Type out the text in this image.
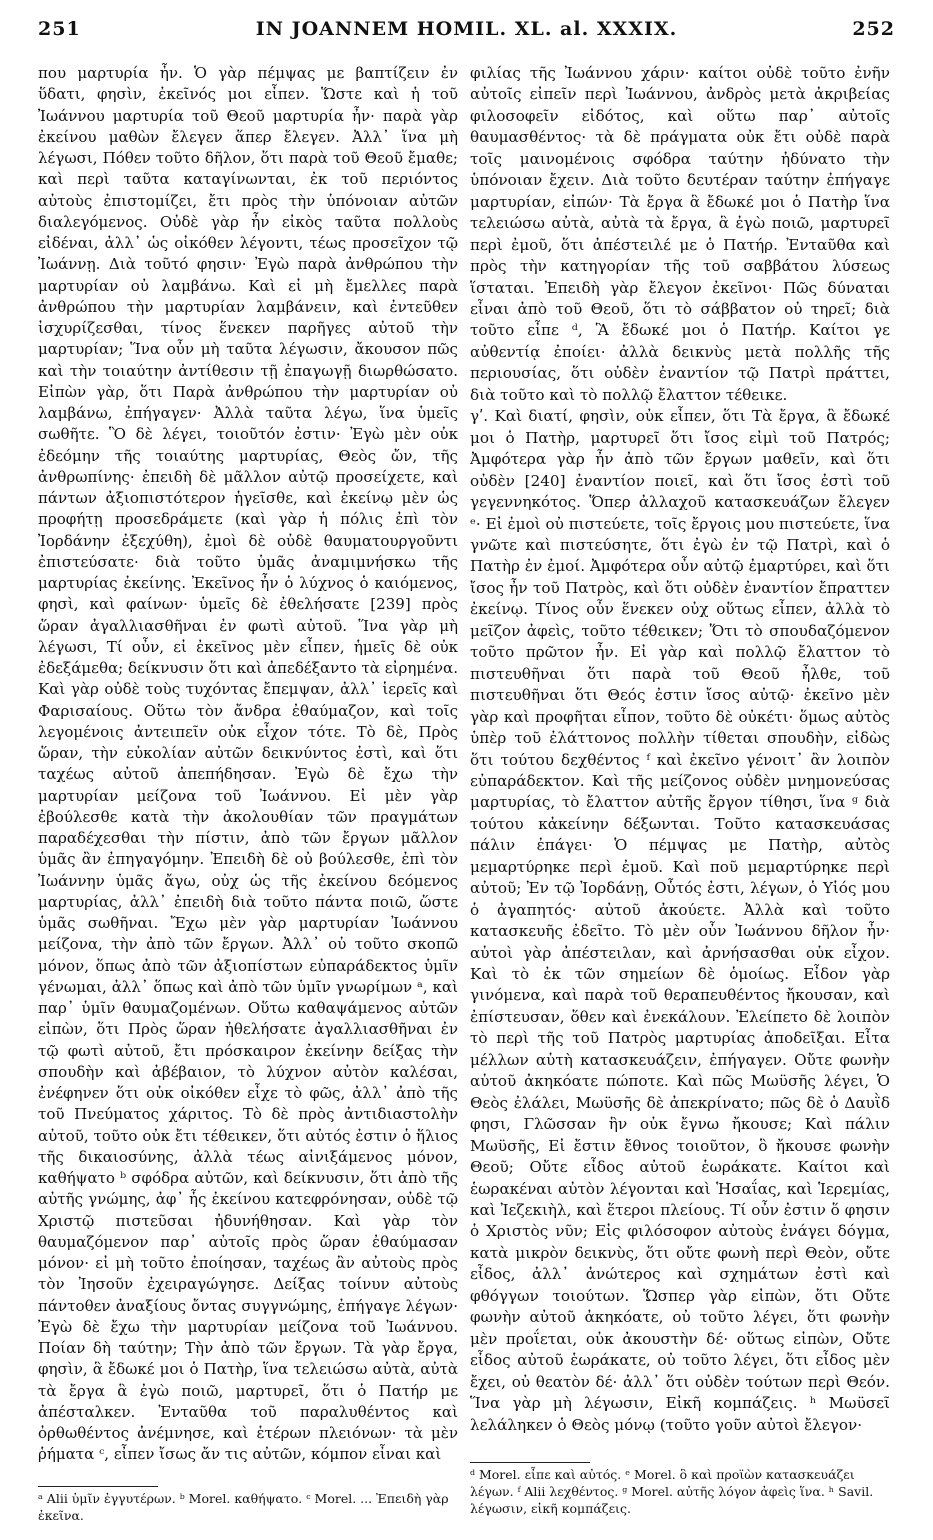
251	IN JOANNEM HOMIL. XL. al. XXXIX.	252

που μαρτυρία ἦν. Ὁ γὰρ πέμψας με βαπτίζειν ἐν ὕδατι, φησὶν, ἐκεῖνός μοι εἶπεν. Ὥστε καὶ ἡ τοῦ Ἰωάννου μαρτυρία τοῦ Θεοῦ μαρτυρία ἦν· παρὰ γὰρ ἐκείνου μαθὼν ἔλεγεν ἅπερ ἔλεγεν. Ἀλλ᾿ ἵνα μὴ λέγωσι, Πόθεν τοῦτο δῆλον, ὅτι παρὰ τοῦ Θεοῦ ἔμαθε; καὶ περὶ ταῦτα καταγίνωνται, ἐκ τοῦ περιόντος αὐτοὺς ἐπιστομίζει, ἔτι πρὸς τὴν ὑπόνοιαν αὐτῶν διαλεγόμενος. Οὐδὲ γὰρ ἦν εἰκὸς ταῦτα πολλοὺς εἰδέναι, ἀλλ᾿ ὡς οἰκόθεν λέγοντι, τέως προσεῖχον τῷ Ἰωάννῃ. Διὰ τοῦτό φησιν· Ἐγὼ παρὰ ἀνθρώπου τὴν μαρτυρίαν οὐ λαμβάνω. Καὶ εἰ μὴ ἔμελλες παρὰ ἀνθρώπου τὴν μαρτυρίαν λαμβάνειν, καὶ ἐντεῦθεν ἰσχυρίζεσθαι, τίνος ἕνεκεν παρῆγες αὐτοῦ τὴν μαρτυρίαν; Ἵνα οὖν μὴ ταῦτα λέγωσιν, ἄκουσον πῶς καὶ τὴν τοιαύτην ἀντίθεσιν τῇ ἐπαγωγῇ διωρθώσατο. Εἰπὼν γὰρ, ὅτι Παρὰ ἀνθρώπου τὴν μαρτυρίαν οὐ λαμβάνω, ἐπήγαγεν· Ἀλλὰ ταῦτα λέγω, ἵνα ὑμεῖς σωθῆτε. Ὃ δὲ λέγει, τοιοῦτόν ἐστιν· Ἐγὼ μὲν οὐκ ἐδεόμην τῆς τοιαύτης μαρτυρίας, Θεὸς ὤν, τῆς ἀνθρωπίνης· ἐπειδὴ δὲ μᾶλλον αὐτῷ προσείχετε, καὶ πάντων ἀξιοπιστότερον ἡγεῖσθε, καὶ ἐκείνῳ μὲν ὡς προφήτῃ προσεδράμετε (καὶ γὰρ ἡ πόλις ἐπὶ τὸν Ἰορδάνην ἐξεχύθη), ἐμοὶ δὲ οὐδὲ θαυματουργοῦντι ἐπιστεύσατε· διὰ τοῦτο ὑμᾶς ἀναμιμνήσκω τῆς μαρτυρίας ἐκείνης. Ἐκεῖνος ἦν ὁ λύχνος ὁ καιόμενος, φησὶ, καὶ φαίνων· ὑμεῖς δὲ ἐθελήσατε [239] πρὸς ὥραν ἀγαλλιασθῆναι ἐν φωτὶ αὐτοῦ. Ἵνα γὰρ μὴ λέγωσι, Τί οὖν, εἰ ἐκεῖνος μὲν εἶπεν, ἡμεῖς δὲ οὐκ ἐδεξάμεθα; δείκνυσιν ὅτι καὶ ἀπεδέξαντο τὰ εἰρημένα. Καὶ γὰρ οὐδὲ τοὺς τυχόντας ἔπεμψαν, ἀλλ᾿ ἱερεῖς καὶ Φαρισαίους. Οὕτω τὸν ἄνδρα ἐθαύμαζον, καὶ τοῖς λεγομένοις ἀντειπεῖν οὐκ εἶχον τότε. Τὸ δὲ, Πρὸς ὥραν, τὴν εὐκολίαν αὐτῶν δεικνύντος ἐστὶ, καὶ ὅτι ταχέως αὐτοῦ ἀπεπήδησαν. Ἐγὼ δὲ ἔχω τὴν μαρτυρίαν μείζονα τοῦ Ἰωάννου. Εἰ μὲν γὰρ ἐβούλεσθε κατὰ τὴν ἀκολουθίαν τῶν πραγμάτων παραδέχεσθαι τὴν πίστιν, ἀπὸ τῶν ἔργων μᾶλλον ὑμᾶς ἂν ἐπηγαγόμην. Ἐπειδὴ δὲ οὐ βούλεσθε, ἐπὶ τὸν Ἰωάννην ὑμᾶς ἄγω, οὐχ ὡς τῆς ἐκείνου δεόμενος μαρτυρίας, ἀλλ᾿ ἐπειδὴ διὰ τοῦτο πάντα ποιῶ, ὥστε ὑμᾶς σωθῆναι. Ἔχω μὲν γὰρ μαρτυρίαν Ἰωάννου μείζονα, τὴν ἀπὸ τῶν ἔργων. Ἀλλ᾿ οὐ τοῦτο σκοπῶ μόνον, ὅπως ἀπὸ τῶν ἀξιοπίστων εὐπαράδεκτος ὑμῖν γένωμαι, ἀλλ᾿ ὅπως καὶ ἀπὸ τῶν ὑμῖν γνωρίμων ᵃ, καὶ παρ᾿ ὑμῖν θαυμαζομένων. Οὕτω καθαψάμενος αὐτῶν εἰπὼν, ὅτι Πρὸς ὥραν ἠθελήσατε ἀγαλλιασθῆναι ἐν τῷ φωτὶ αὐτοῦ, ἔτι πρόσκαιρον ἐκείνην δείξας τὴν σπουδὴν καὶ ἀβέβαιον, τὸ λύχνον αὐτὸν καλέσαι, ἐνέφηνεν ὅτι οὐκ οἰκόθεν εἶχε τὸ φῶς, ἀλλ᾿ ἀπὸ τῆς τοῦ Πνεύματος χάριτος. Τὸ δὲ πρὸς ἀντιδιαστολὴν αὐτοῦ, τοῦτο οὐκ ἔτι τέθεικεν, ὅτι αὐτός ἐστιν ὁ ἥλιος τῆς δικαιοσύνης, ἀλλὰ τέως αἰνιξάμενος μόνον, καθήψατο ᵇ σφόδρα αὐτῶν, καὶ δείκνυσιν, ὅτι ἀπὸ τῆς αὐτῆς γνώμης, ἀφ᾿ ἧς ἐκείνου κατεφρόνησαν, οὐδὲ τῷ Χριστῷ πιστεῦσαι ἠδυνήθησαν. Καὶ γὰρ τὸν θαυμαζόμενον παρ᾿ αὐτοῖς πρὸς ὥραν ἐθαύμασαν μόνον· εἰ μὴ τοῦτο ἐποίησαν, ταχέως ἂν αὐτοὺς πρὸς τὸν Ἰησοῦν ἐχειραγώγησε. Δείξας τοίνυν αὐτοὺς πάντοθεν ἀναξίους ὄντας συγγνώμης, ἐπήγαγε λέγων· Ἐγὼ δὲ ἔχω τὴν μαρτυρίαν μείζονα τοῦ Ἰωάννου. Ποίαν δὴ ταύτην; Τὴν ἀπὸ τῶν ἔργων. Τὰ γὰρ ἔργα, φησὶν, ἃ ἔδωκέ μοι ὁ Πατὴρ, ἵνα τελειώσω αὐτὰ, αὐτὰ τὰ ἔργα ἃ ἐγὼ ποιῶ, μαρτυρεῖ, ὅτι ὁ Πατήρ με ἀπέσταλκεν. Ἐνταῦθα τοῦ παραλυθέντος καὶ ὀρθωθέντος ἀνέμνησε, καὶ ἑτέρων πλειόνων· τὰ μὲν ῥήματα ᶜ, εἶπεν ἴσως ἄν τις αὐτῶν, κόμπον εἶναι καὶ

φιλίας τῆς Ἰωάννου χάριν· καίτοι οὐδὲ τοῦτο ἐνῆν αὐτοῖς εἰπεῖν περὶ Ἰωάννου, ἀνδρὸς μετὰ ἀκριβείας φιλοσοφεῖν εἰδότος, καὶ οὕτω παρ᾿ αὐτοῖς θαυμασθέντος· τὰ δὲ πράγματα οὐκ ἔτι οὐδὲ παρὰ τοῖς μαινομένοις σφόδρα ταύτην ἠδύνατο τὴν ὑπόνοιαν ἔχειν. Διὰ τοῦτο δευτέραν ταύτην ἐπήγαγε μαρτυρίαν, εἰπών· Τὰ ἔργα ἃ ἔδωκέ μοι ὁ Πατὴρ ἵνα τελειώσω αὐτὰ, αὐτὰ τὰ ἔργα, ἃ ἐγὼ ποιῶ, μαρτυρεῖ περὶ ἐμοῦ, ὅτι ἀπέστειλέ με ὁ Πατήρ. Ἐνταῦθα καὶ πρὸς τὴν κατηγορίαν τῆς τοῦ σαββάτου λύσεως ἵσταται. Ἐπειδὴ γὰρ ἔλεγον ἐκεῖνοι· Πῶς δύναται εἶναι ἀπὸ τοῦ Θεοῦ, ὅτι τὸ σάββατον οὐ τηρεῖ; διὰ τοῦτο εἶπε ᵈ, Ἃ ἔδωκέ μοι ὁ Πατήρ. Καίτοι γε αὐθεντίᾳ ἐποίει· ἀλλὰ δεικνὺς μετὰ πολλῆς τῆς περιουσίας, ὅτι οὐδὲν ἐναντίον τῷ Πατρὶ πράττει, διὰ τοῦτο καὶ τὸ πολλῷ ἔλαττον τέθεικε.

γʹ. Καὶ διατί, φησὶν, οὐκ εἶπεν, ὅτι Τὰ ἔργα, ἃ ἔδωκέ μοι ὁ Πατὴρ, μαρτυρεῖ ὅτι ἴσος εἰμὶ τοῦ Πατρός; Ἀμφότερα γὰρ ἦν ἀπὸ τῶν ἔργων μαθεῖν, καὶ ὅτι οὐδὲν [240] ἐναντίον ποιεῖ, καὶ ὅτι ἴσος ἐστὶ τοῦ γεγεννηκότος. Ὅπερ ἀλλαχοῦ κατασκευάζων ἔλεγεν ᵉ· Εἰ ἐμοὶ οὐ πιστεύετε, τοῖς ἔργοις μου πιστεύετε, ἵνα γνῶτε καὶ πιστεύσητε, ὅτι ἐγὼ ἐν τῷ Πατρὶ, καὶ ὁ Πατὴρ ἐν ἐμοί. Ἀμφότερα οὖν αὐτῷ ἐμαρτύρει, καὶ ὅτι ἴσος ἦν τοῦ Πατρὸς, καὶ ὅτι οὐδὲν ἐναντίον ἔπραττεν ἐκείνῳ. Τίνος οὖν ἕνεκεν οὐχ οὕτως εἶπεν, ἀλλὰ τὸ μεῖζον ἀφεὶς, τοῦτο τέθεικεν; Ὅτι τὸ σπουδαζόμενον τοῦτο πρῶτον ἦν. Εἰ γὰρ καὶ πολλῷ ἔλαττον τὸ πιστευθῆναι ὅτι παρὰ τοῦ Θεοῦ ἦλθε, τοῦ πιστευθῆναι ὅτι Θεός ἐστιν ἴσος αὐτῷ· ἐκεῖνο μὲν γὰρ καὶ προφῆται εἶπον, τοῦτο δὲ οὐκέτι· ὅμως αὐτὸς ὑπὲρ τοῦ ἐλάττονος πολλὴν τίθεται σπουδὴν, εἰδὼς ὅτι τούτου δεχθέντος ᶠ καὶ ἐκεῖνο γένοιτ᾿ ἂν λοιπὸν εὐπαράδεκτον. Καὶ τῆς μείζονος οὐδὲν μνημονεύσας μαρτυρίας, τὸ ἔλαττον αὐτῆς ἔργον τίθησι, ἵνα ᵍ διὰ τούτου κἀκείνην δέξωνται. Τοῦτο κατασκευάσας πάλιν ἐπάγει· Ὁ πέμψας με Πατὴρ, αὐτὸς μεμαρτύρηκε περὶ ἐμοῦ. Καὶ ποῦ μεμαρτύρηκε περὶ αὐτοῦ; Ἐν τῷ Ἰορδάνῃ, Οὗτός ἐστι, λέγων, ὁ Υἱός μου ὁ ἀγαπητός· αὐτοῦ ἀκούετε. Ἀλλὰ καὶ τοῦτο κατασκευῆς ἐδεῖτο. Τὸ μὲν οὖν Ἰωάννου δῆλον ἦν· αὐτοὶ γὰρ ἀπέστειλαν, καὶ ἀρνήσασθαι οὐκ εἶχον. Καὶ τὸ ἐκ τῶν σημείων δὲ ὁμοίως. Εἶδον γὰρ γινόμενα, καὶ παρὰ τοῦ θεραπευθέντος ἤκουσαν, καὶ ἐπίστευσαν, ὅθεν καὶ ἐνεκάλουν. Ἐλείπετο δὲ λοιπὸν τὸ περὶ τῆς τοῦ Πατρὸς μαρτυρίας ἀποδεῖξαι. Εἶτα μέλλων αὐτὴ κατασκευάζειν, ἐπήγαγεν. Οὔτε φωνὴν αὐτοῦ ἀκηκόατε πώποτε. Καὶ πῶς Μωϋσῆς λέγει, Ὁ Θεὸς ἐλάλει, Μωϋσῆς δὲ ἀπεκρίνατο; πῶς δὲ ὁ Δαυῒδ φησι, Γλῶσσαν ἣν οὐκ ἔγνω ἤκουσε; Καὶ πάλιν Μωϋσῆς, Εἰ ἔστιν ἔθνος τοιοῦτον, ὃ ἤκουσε φωνὴν Θεοῦ; Οὔτε εἶδος αὐτοῦ ἑωράκατε. Καίτοι καὶ ἑωρακέναι αὐτὸν λέγονται καὶ Ἡσαΐας, καὶ Ἱερεμίας, καὶ Ἰεζεκιὴλ, καὶ ἕτεροι πλείους. Τί οὖν ἐστιν ὅ φησιν ὁ Χριστὸς νῦν; Εἰς φιλόσοφον αὐτοὺς ἐνάγει δόγμα, κατὰ μικρὸν δεικνὺς, ὅτι οὔτε φωνὴ περὶ Θεὸν, οὔτε εἶδος, ἀλλ᾿ ἀνώτερος καὶ σχημάτων ἐστὶ καὶ φθόγγων τοιούτων. Ὥσπερ γὰρ εἰπὼν, ὅτι Οὔτε φωνὴν αὐτοῦ ἀκηκόατε, οὐ τοῦτο λέγει, ὅτι φωνὴν μὲν προΐεται, οὐκ ἀκουστὴν δέ· οὕτως εἰπὼν, Οὔτε εἶδος αὐτοῦ ἑωράκατε, οὐ τοῦτο λέγει, ὅτι εἶδος μὲν ἔχει, οὐ θεατὸν δέ· ἀλλ᾿ ὅτι οὐδὲν τούτων περὶ Θεόν. Ἵνα γὰρ μὴ λέγωσιν, Εἰκῆ κομπάζεις. ʰ Μωϋσεῖ λελάληκεν ὁ Θεὸς μόνῳ (τοῦτο γοῦν αὐτοὶ ἔλεγον·

ᵃ Alii ὑμῖν ἐγγυτέρων. ᵇ Morel. καθήψατο. ᶜ Morel. ... Ἐπειδὴ γὰρ ἐκεῖνα.

ᵈ Morel. εἶπε καὶ αὐτός. ᵉ Morel. ὃ καὶ προϊὼν κατασκευάζει λέγων. ᶠ Alii λεχθέντος. ᵍ Morel. αὐτῆς λόγον ἀφεὶς ἵνα. ʰ Savil. λέγωσιν, εἰκῆ κομπάζεις.
